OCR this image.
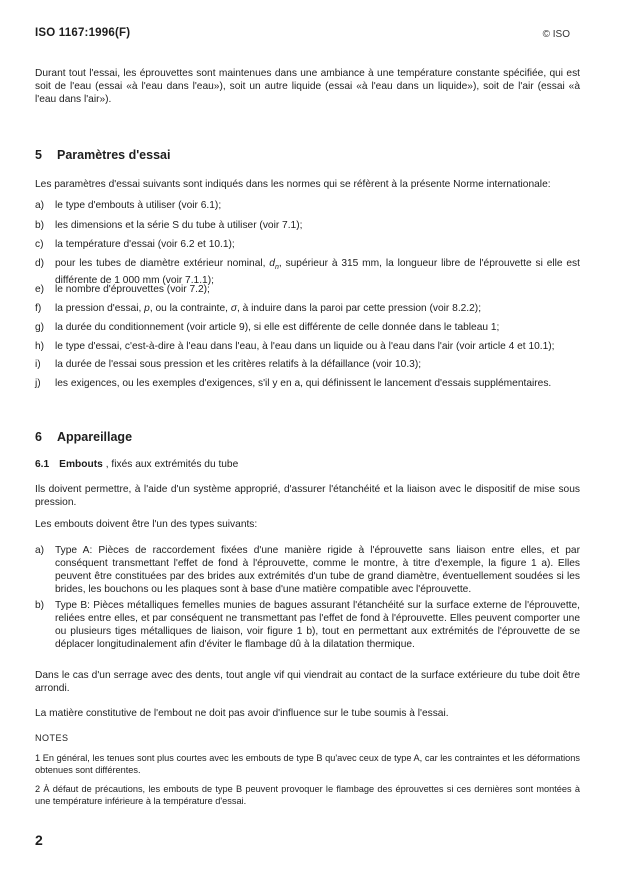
ISO 1167:1996(F)	© ISO
Durant tout l'essai, les éprouvettes sont maintenues dans une ambiance à une température constante spécifiée, qui est soit de l'eau (essai «à l'eau dans l'eau»), soit un autre liquide (essai «à l'eau dans un liquide»), soit de l'air (essai «à l'eau dans l'air»).
5 Paramètres d'essai
Les paramètres d'essai suivants sont indiqués dans les normes qui se réfèrent à la présente Norme internationale:
a)	le type d'embouts à utiliser (voir 6.1);
b)	les dimensions et la série S du tube à utiliser (voir 7.1);
c)	la température d'essai (voir 6.2 et 10.1);
d)	pour les tubes de diamètre extérieur nominal, $d_n$, supérieur à 315 mm, la longueur libre de l'éprouvette si elle est différente de 1 000 mm (voir 7.1.1);
e)	le nombre d'éprouvettes (voir 7.2);
f)	la pression d'essai, p, ou la contrainte, σ, à induire dans la paroi par cette pression (voir 8.2.2);
g)	la durée du conditionnement (voir article 9), si elle est différente de celle donnée dans le tableau 1;
h)	le type d'essai, c'est-à-dire à l'eau dans l'eau, à l'eau dans un liquide ou à l'eau dans l'air (voir article 4 et 10.1);
i)	la durée de l'essai sous pression et les critères relatifs à la défaillance (voir 10.3);
j)	les exigences, ou les exemples d'exigences, s'il y en a, qui définissent le lancement d'essais supplémentaires.
6 Appareillage
6.1 Embouts , fixés aux extrémités du tube
Ils doivent permettre, à l'aide d'un système approprié, d'assurer l'étanchéité et la liaison avec le dispositif de mise sous pression.
Les embouts doivent être l'un des types suivants:
a)	Type A: Pièces de raccordement fixées d'une manière rigide à l'éprouvette sans liaison entre elles, et par conséquent transmettant l'effet de fond à l'éprouvette, comme le montre, à titre d'exemple, la figure 1 a). Elles peuvent être constituées par des brides aux extrémités d'un tube de grand diamètre, éventuellement soudées si les brides, les bouchons ou les plaques sont à base d'une matière compatible avec l'éprouvette.
b)	Type B: Pièces métalliques femelles munies de bagues assurant l'étanchéité sur la surface externe de l'éprouvette, reliées entre elles, et par conséquent ne transmettant pas l'effet de fond à l'éprouvette. Elles peuvent comporter une ou plusieurs tiges métalliques de liaison, voir figure 1 b), tout en permettant aux extrémités de l'éprouvette de se déplacer longitudinalement afin d'éviter le flambage dû à la dilatation thermique.
Dans le cas d'un serrage avec des dents, tout angle vif qui viendrait au contact de la surface extérieure du tube doit être arrondi.
La matière constitutive de l'embout ne doit pas avoir d'influence sur le tube soumis à l'essai.
NOTES
1 En général, les tenues sont plus courtes avec les embouts de type B qu'avec ceux de type A, car les contraintes et les déformations obtenues sont différentes.
2 À défaut de précautions, les embouts de type B peuvent provoquer le flambage des éprouvettes si ces dernières sont montées à une température inférieure à la température d'essai.
2
